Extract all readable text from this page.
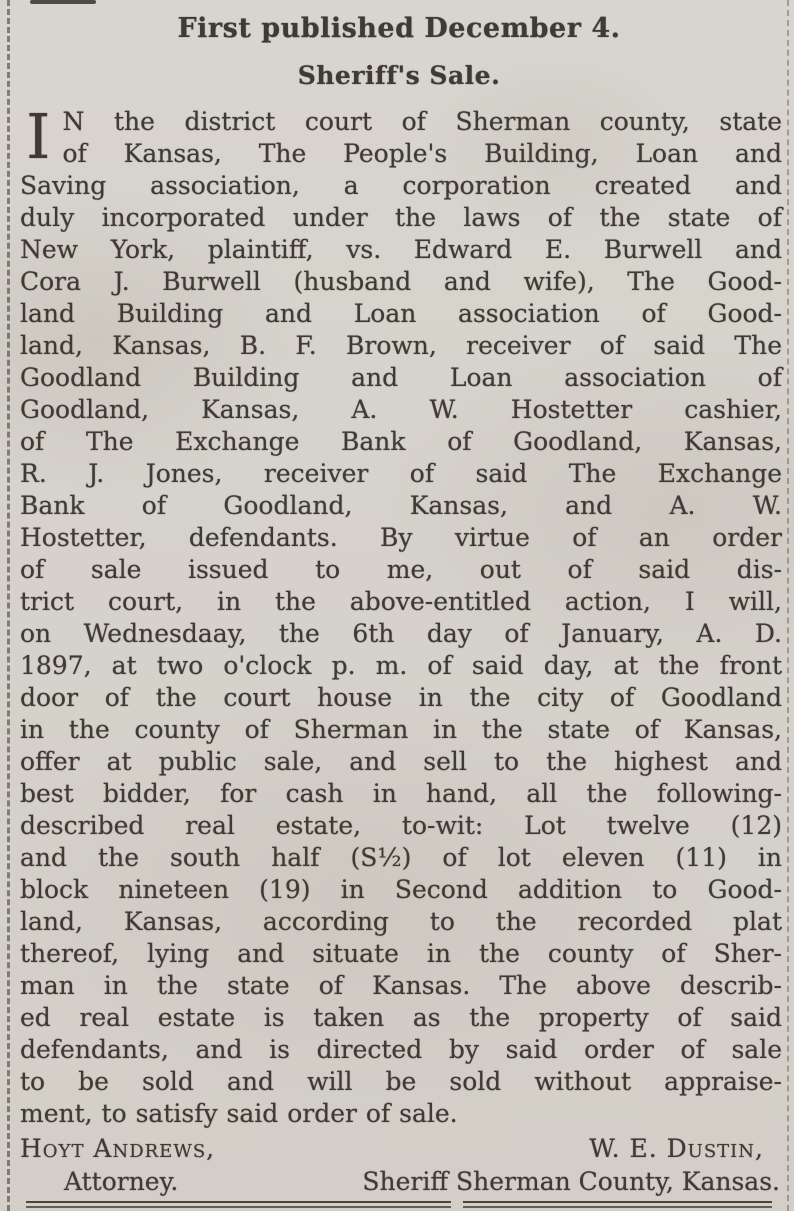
First published December 4.
Sheriff's Sale.
I N the district court of Sherman county, state
of Kansas, The People's Building, Loan and
Saving association, a corporation created and
duly incorporated under the laws of the state of
New York, plaintiff, vs. Edward E. Burwell and
Cora J. Burwell (husband and wife), The Good-
land Building and Loan association of Good-
land, Kansas, B. F. Brown, receiver of said The
Goodland Building and Loan association of
Goodland, Kansas, A. W. Hostetter cashier,
of The Exchange Bank of Goodland, Kansas,
R. J. Jones, receiver of said The Exchange
Bank of Goodland, Kansas, and A. W.
Hostetter, defendants. By virtue of an order
of sale issued to me, out of said dis-
trict court, in the above-entitled action, I will,
on Wednesdaay, the 6th day of January, A. D.
1897, at two o'clock p. m. of said day, at the front
door of the court house in the city of Goodland
in the county of Sherman in the state of Kansas,
offer at public sale, and sell to the highest and
best bidder, for cash in hand, all the following-
described real estate, to-wit: Lot twelve (12)
and the south half (S½) of lot eleven (11) in
block nineteen (19) in Second addition to Good-
land, Kansas, according to the recorded plat
thereof, lying and situate in the county of Sher-
man in the state of Kansas. The above describ-
ed real estate is taken as the property of said
defendants, and is directed by said order of sale
to be sold and will be sold without appraise-
ment, to satisfy said order of sale.
Hoyt Andrews,	W. E. Dustin,
Attorney.	Sheriff Sherman County, Kansas.
